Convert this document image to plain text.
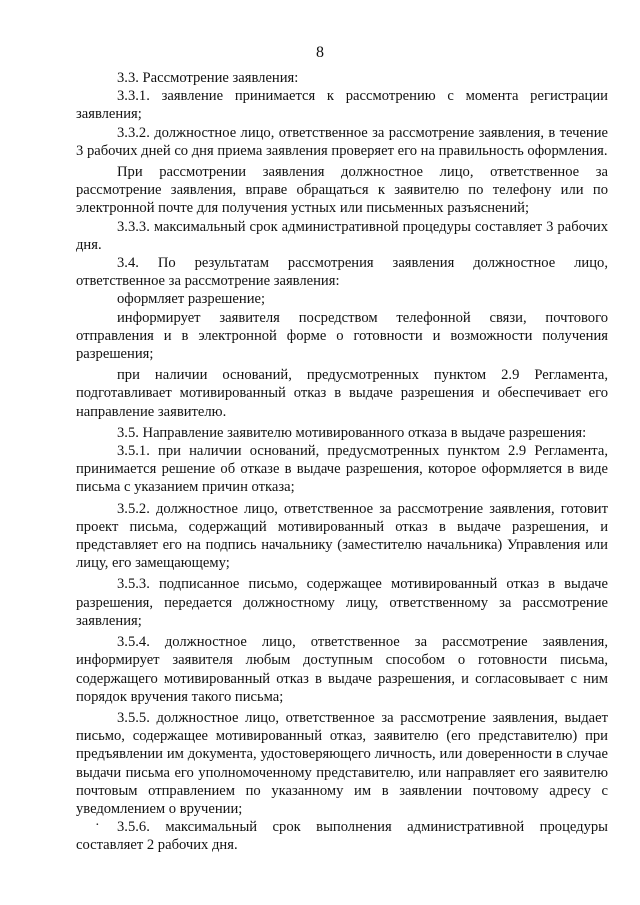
8

3.3. Рассмотрение заявления:

3.3.1. заявление принимается к рассмотрению с момента регистрации заявления;

3.3.2. должностное лицо, ответственное за рассмотрение заявления, в течение 3 рабочих дней со дня приема заявления проверяет его на правильность оформления.

При рассмотрении заявления должностное лицо, ответственное за рассмотрение заявления, вправе обращаться к заявителю по телефону или по электронной почте для получения устных или письменных разъяснений;

3.3.3. максимальный срок административной процедуры составляет 3 рабочих дня.

3.4. По результатам рассмотрения заявления должностное лицо, ответственное за рассмотрение заявления:

оформляет разрешение;

информирует заявителя посредством телефонной связи, почтового отправления и в электронной форме о готовности и возможности получения разрешения;

при наличии оснований, предусмотренных пунктом 2.9 Регламента, подготавливает мотивированный отказ в выдаче разрешения и обеспечивает его направление заявителю.

3.5. Направление заявителю мотивированного отказа в выдаче разрешения:

3.5.1. при наличии оснований, предусмотренных пунктом 2.9 Регламента, принимается решение об отказе в выдаче разрешения, которое оформляется в виде письма с указанием причин отказа;

3.5.2. должностное лицо, ответственное за рассмотрение заявления, готовит проект письма, содержащий мотивированный отказ в выдаче разрешения, и представляет его на подпись начальнику (заместителю начальника) Управления или лицу, его замещающему;

3.5.3. подписанное письмо, содержащее мотивированный отказ в выдаче разрешения, передается должностному лицу, ответственному за рассмотрение заявления;

3.5.4. должностное лицо, ответственное за рассмотрение заявления, информирует заявителя любым доступным способом о готовности письма, содержащего мотивированный отказ в выдаче разрешения, и согласовывает с ним порядок вручения такого письма;

3.5.5. должностное лицо, ответственное за рассмотрение заявления, выдает письмо, содержащее мотивированный отказ, заявителю (его представителю) при предъявлении им документа, удостоверяющего личность, или доверенности в случае выдачи письма его уполномоченному представителю, или направляет его заявителю почтовым отправлением по указанному им в заявлении почтовому адресу с уведомлением о вручении;

3.5.6. максимальный срок выполнения административной процедуры составляет 2 рабочих дня.

·
